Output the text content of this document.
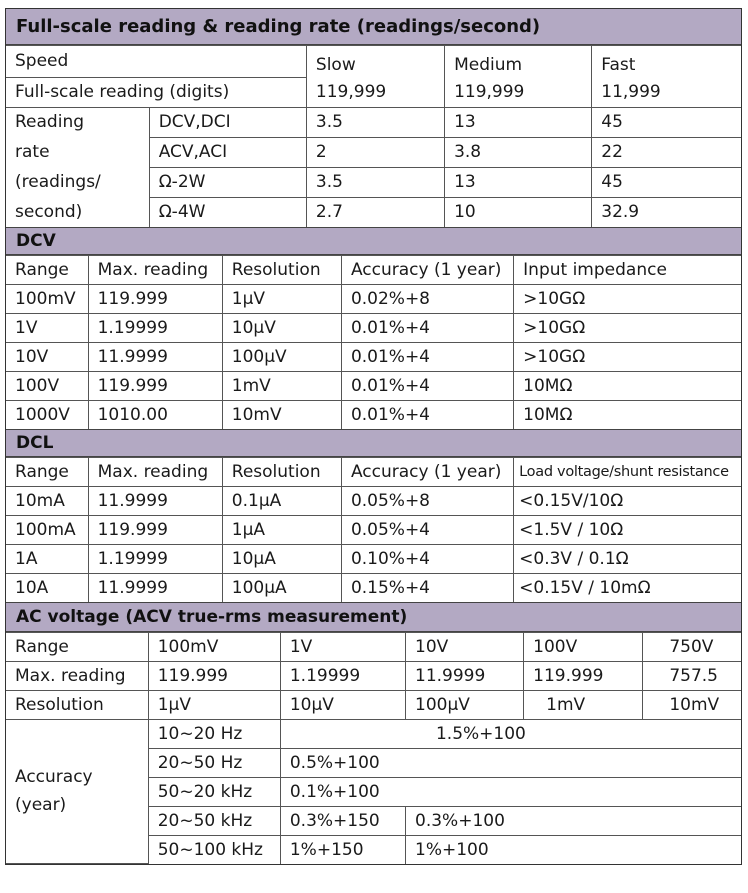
Full-scale reading & reading rate (readings/second)
Speed		Slow	Medium	Fast
Full-scale reading (digits)		119,999	119,999	11,999
Reading	DCV,DCI	3.5	13	45
rate	ACV,ACI	2	3.8	22
(readings/	Ω-2W	3.5	13	45
second)	Ω-4W	2.7	10	32.9
DCV
Range	Max. reading	Resolution	Accuracy (1 year)	Input impedance
100mV	119.999	1μV	0.02%+8	>10GΩ
1V	1.19999	10μV	0.01%+4	>10GΩ
10V	11.9999	100μV	0.01%+4	>10GΩ
100V	119.999	1mV	0.01%+4	10MΩ
1000V	1010.00	10mV	0.01%+4	10MΩ
DCL
Range	Max. reading	Resolution	Accuracy (1 year)	Load voltage/shunt resistance
10mA	11.9999	0.1μA	0.05%+8	<0.15V/10Ω
100mA	119.999	1μA	0.05%+4	<1.5V / 10Ω
1A	1.19999	10μA	0.10%+4	<0.3V / 0.1Ω
10A	11.9999	100μA	0.15%+4	<0.15V / 10mΩ
AC voltage (ACV true-rms measurement)
Range	100mV	1V	10V	100V	750V
Max. reading	119.999	1.19999	11.9999	119.999	757.5
Resolution	1μV	10μV	100μV	1mV	10mV

Accuracy
(year)	10~20 Hz	1.5%+100			
	20~50 Hz	0.5%+100			
	50~20 kHz	0.1%+100			
	20~50 kHz	0.3%+150	0.3%+100		
	50~100 kHz	1%+150	1%+100		
